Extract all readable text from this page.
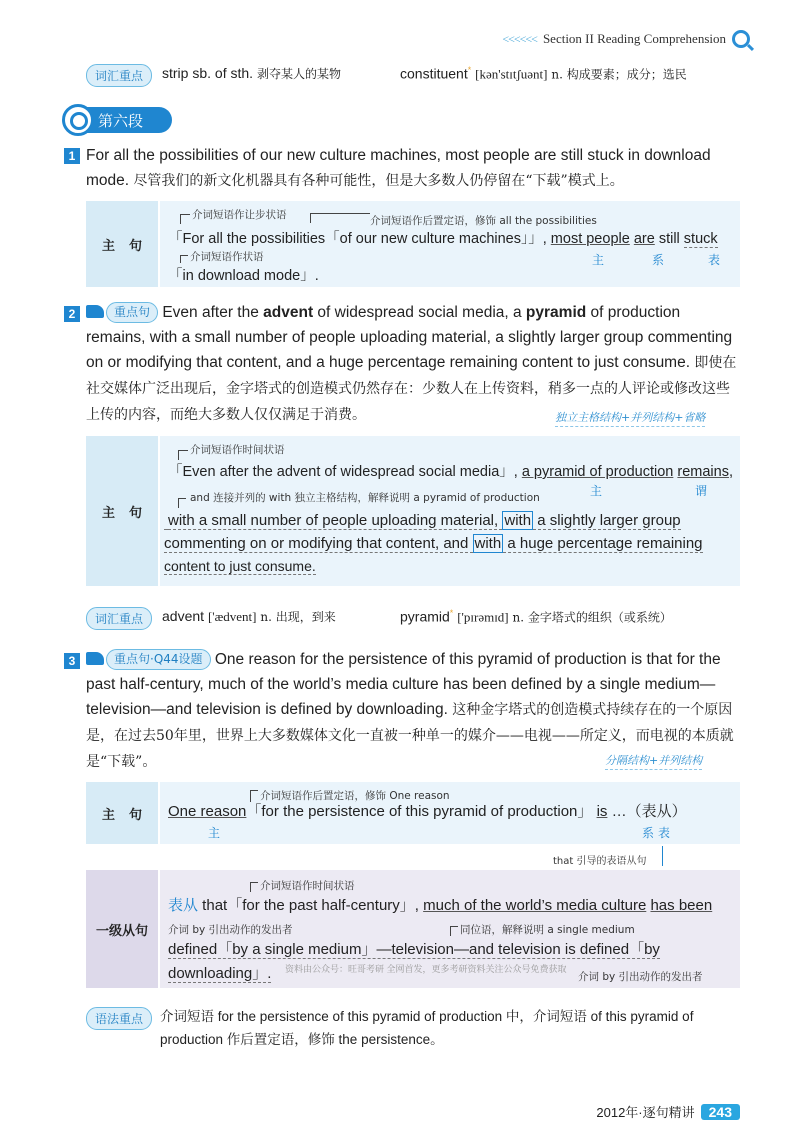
<<<<<< Section II Reading Comprehension
词汇重点	strip sb. of sth. 剥夺某人的某物	constituent* [kən'stɪtʃuənt] n. 构成要素；成分；选民
第六段
1 For all the possibilities of our new culture machines, most people are still stuck in download mode. 尽管我们的新文化机器具有各种可能性，但是大多数人仍停留在“下载”模式上。
主句
介词短语作让步状语	介词短语作后置定语，修饰 all the possibilities
「For all the possibilities「of our new culture machines」」, most people are still stuck
主	系	表
介词短语作状语
「in download mode」.
2	重点句 Even after the advent of widespread social media, a pyramid of production remains, with a small number of people uploading material, a slightly larger group commenting on or modifying that content, and a huge percentage remaining content to just consume. 即使在社交媒体广泛出现后，金字塔式的创造模式仍然存在：少数人在上传资料，稍多一点的人评论或修改这些上传的内容，而绝大多数人仅仅满足于消费。	独立主格结构+并列结构+省略
主句
介词短语作时间状语
「Even after the advent of widespread social media」, a pyramid of production remains,
主	谓
and 连接并列的 with 独立主格结构，解释说明 a pyramid of production
with a small number of people uploading material, with a slightly larger group
commenting on or modifying that content, and with a huge percentage remaining
content to just consume.
词汇重点	advent ['ædvent] n. 出现，到来	pyramid* ['pɪrəmɪd] n. 金字塔式的组织（或系统）
3	重点句·Q44设题 One reason for the persistence of this pyramid of production is that for the past half-century, much of the world’s media culture has been defined by a single medium—television—and television is defined by downloading. 这种金字塔式的创造模式持续存在的一个原因是，在过去50年里，世界上大多数媒体文化一直被一种单一的媒介——电视——所定义，而电视的本质就是“下载”。	分隔结构+并列结构
主句
介词短语作后置定语，修饰 One reason
One reason「for the persistence of this pyramid of production」 is …（表从）
主	系 表
that 引导的表语从句
一级从句
介词短语作时间状语
表从 that「for the past half-century」, much of the world’s media culture has been
介词 by 引出动作的发出者	同位语，解释说明 a single medium
defined「by a single medium」—television—and television is defined「by
downloading」. 资料由公众号：旺哥考研 全网首发，更多考研资料关注公众号免费获取
介词 by 引出动作的发出者
语法重点	介词短语 for the persistence of this pyramid of production 中，介词短语 of this pyramid of production 作后置定语，修饰 the persistence。
2012年·逐句精讲	243
